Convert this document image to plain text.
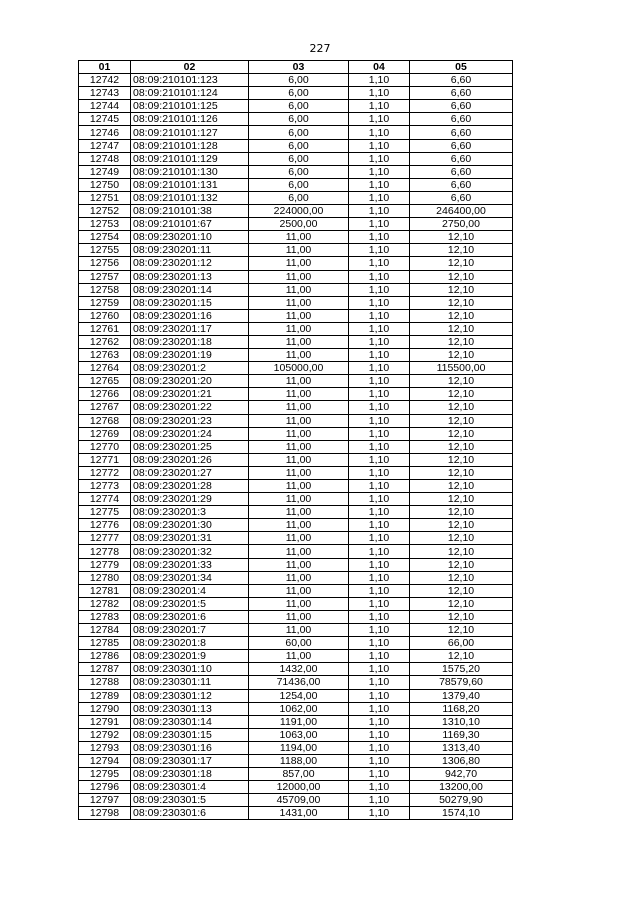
227
01	02	03	04	05
12742	08:09:210101:123	6,00	1,10	6,60
12743	08:09:210101:124	6,00	1,10	6,60
12744	08:09:210101:125	6,00	1,10	6,60
12745	08:09:210101:126	6,00	1,10	6,60
12746	08:09:210101:127	6,00	1,10	6,60
12747	08:09:210101:128	6,00	1,10	6,60
12748	08:09:210101:129	6,00	1,10	6,60
12749	08:09:210101:130	6,00	1,10	6,60
12750	08:09:210101:131	6,00	1,10	6,60
12751	08:09:210101:132	6,00	1,10	6,60
12752	08:09:210101:38	224000,00	1,10	246400,00
12753	08:09:210101:67	2500,00	1,10	2750,00
12754	08:09:230201:10	11,00	1,10	12,10
12755	08:09:230201:11	11,00	1,10	12,10
12756	08:09:230201:12	11,00	1,10	12,10
12757	08:09:230201:13	11,00	1,10	12,10
12758	08:09:230201:14	11,00	1,10	12,10
12759	08:09:230201:15	11,00	1,10	12,10
12760	08:09:230201:16	11,00	1,10	12,10
12761	08:09:230201:17	11,00	1,10	12,10
12762	08:09:230201:18	11,00	1,10	12,10
12763	08:09:230201:19	11,00	1,10	12,10
12764	08:09:230201:2	105000,00	1,10	115500,00
12765	08:09:230201:20	11,00	1,10	12,10
12766	08:09:230201:21	11,00	1,10	12,10
12767	08:09:230201:22	11,00	1,10	12,10
12768	08:09:230201:23	11,00	1,10	12,10
12769	08:09:230201:24	11,00	1,10	12,10
12770	08:09:230201:25	11,00	1,10	12,10
12771	08:09:230201:26	11,00	1,10	12,10
12772	08:09:230201:27	11,00	1,10	12,10
12773	08:09:230201:28	11,00	1,10	12,10
12774	08:09:230201:29	11,00	1,10	12,10
12775	08:09:230201:3	11,00	1,10	12,10
12776	08:09:230201:30	11,00	1,10	12,10
12777	08:09:230201:31	11,00	1,10	12,10
12778	08:09:230201:32	11,00	1,10	12,10
12779	08:09:230201:33	11,00	1,10	12,10
12780	08:09:230201:34	11,00	1,10	12,10
12781	08:09:230201:4	11,00	1,10	12,10
12782	08:09:230201:5	11,00	1,10	12,10
12783	08:09:230201:6	11,00	1,10	12,10
12784	08:09:230201:7	11,00	1,10	12,10
12785	08:09:230201:8	60,00	1,10	66,00
12786	08:09:230201:9	11,00	1,10	12,10
12787	08:09:230301:10	1432,00	1,10	1575,20
12788	08:09:230301:11	71436,00	1,10	78579,60
12789	08:09:230301:12	1254,00	1,10	1379,40
12790	08:09:230301:13	1062,00	1,10	1168,20
12791	08:09:230301:14	1191,00	1,10	1310,10
12792	08:09:230301:15	1063,00	1,10	1169,30
12793	08:09:230301:16	1194,00	1,10	1313,40
12794	08:09:230301:17	1188,00	1,10	1306,80
12795	08:09:230301:18	857,00	1,10	942,70
12796	08:09:230301:4	12000,00	1,10	13200,00
12797	08:09:230301:5	45709,00	1,10	50279,90
12798	08:09:230301:6	1431,00	1,10	1574,10
